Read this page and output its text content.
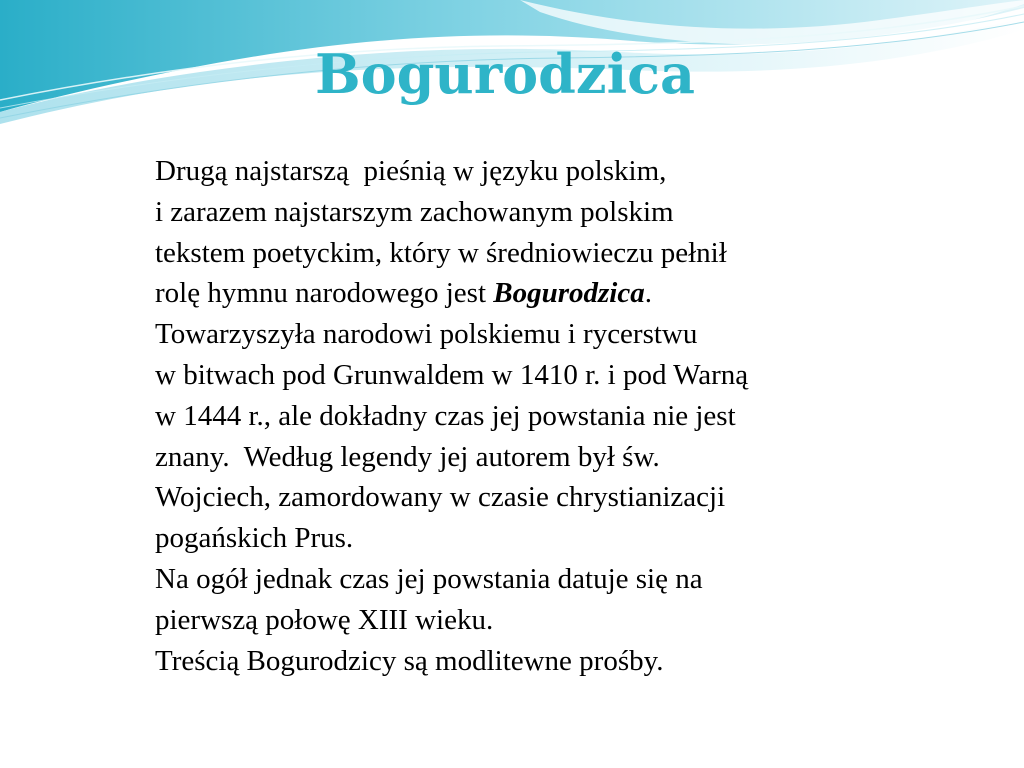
Bogurodzica
Drugą najstarszą  pieśnią w języku polskim,
i zarazem najstarszym zachowanym polskim
tekstem poetyckim, który w średniowieczu pełnił
rolę hymnu narodowego jest Bogurodzica.
Towarzyszyła narodowi polskiemu i rycerstwu
w bitwach pod Grunwaldem w 1410 r. i pod Warną
w 1444 r., ale dokładny czas jej powstania nie jest
znany.  Według legendy jej autorem był św.
Wojciech, zamordowany w czasie chrystianizacji
pogańskich Prus.
Na ogół jednak czas jej powstania datuje się na
pierwszą połowę XIII wieku.
Treścią Bogurodzicy są modlitewne prośby.
